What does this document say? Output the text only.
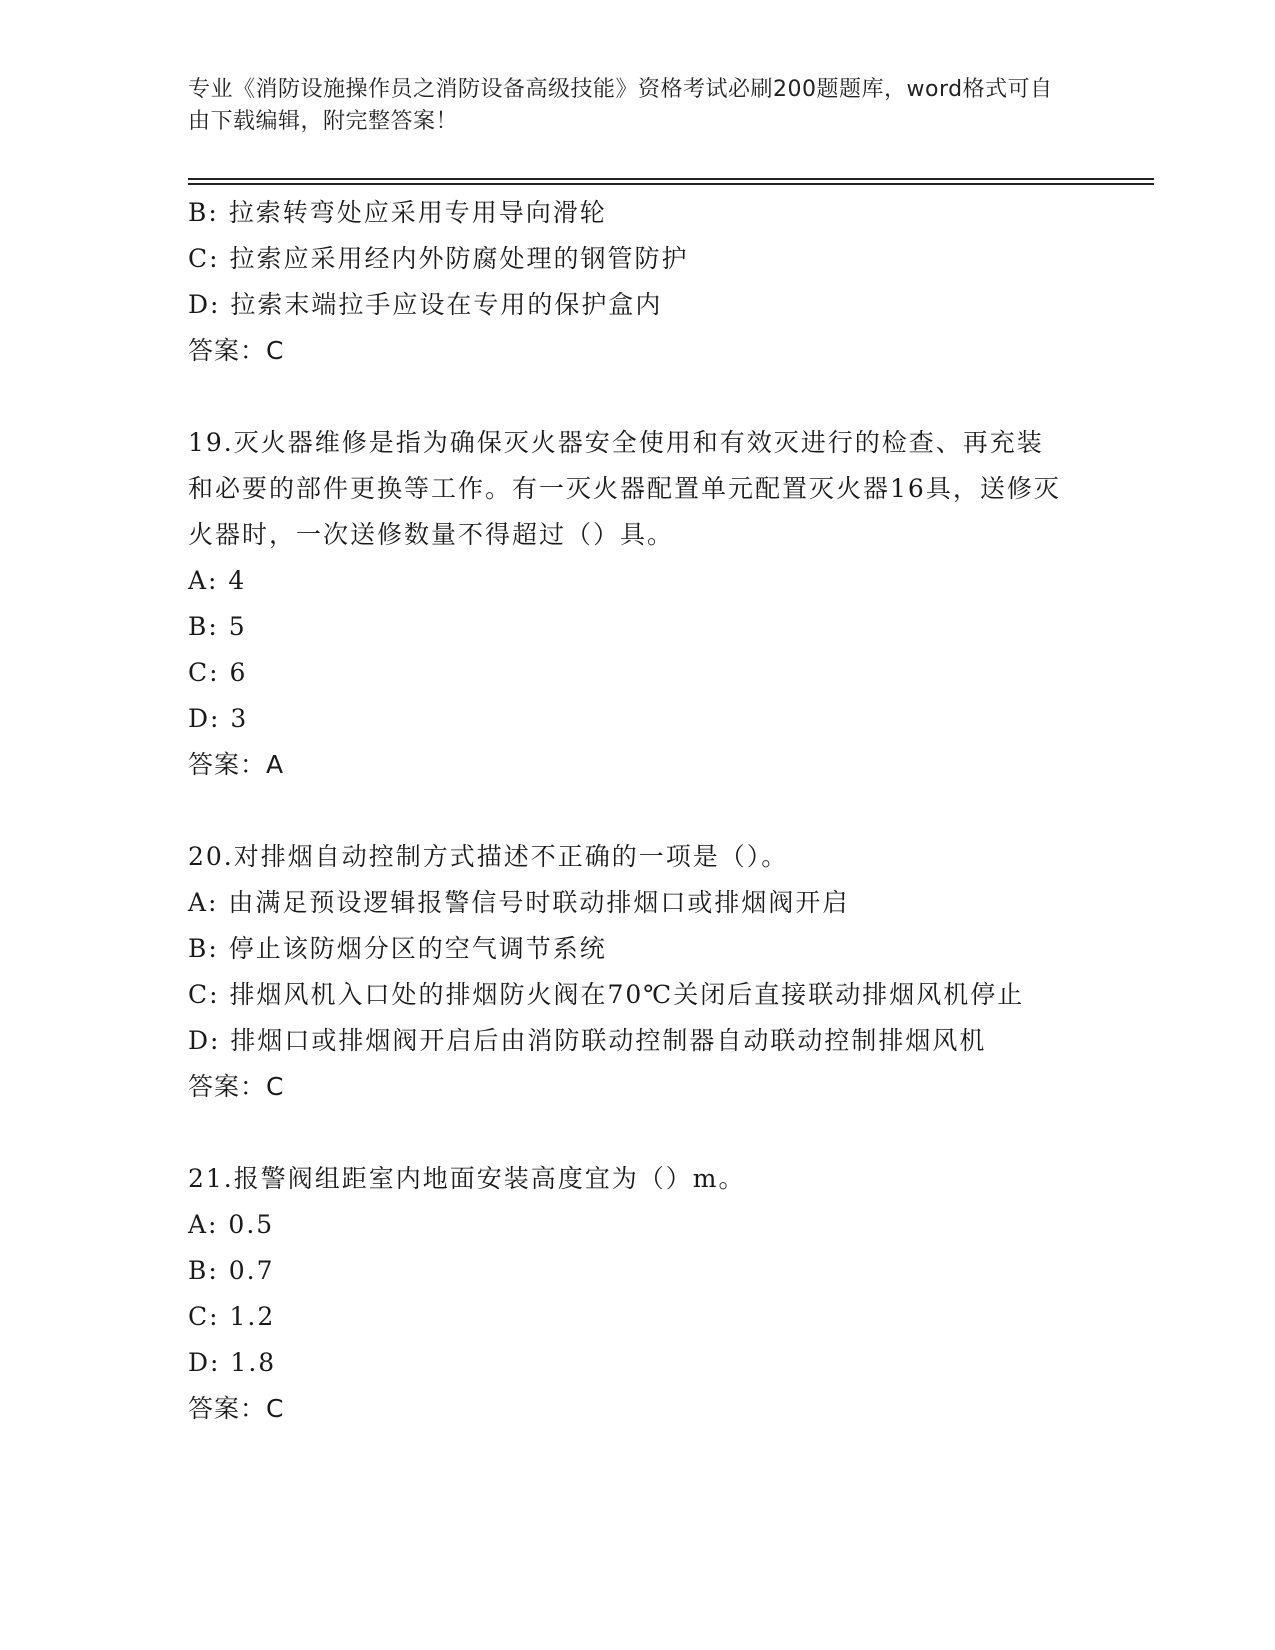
专业《消防设施操作员之消防设备高级技能》资格考试必刷200题题库，word格式可自由下载编辑，附完整答案！
B: 拉索转弯处应采用专用导向滑轮
C: 拉索应采用经内外防腐处理的钢管防护
D: 拉索末端拉手应设在专用的保护盒内
答案：C
19.灭火器维修是指为确保灭火器安全使用和有效灭进行的检查、再充装和必要的部件更换等工作。有一灭火器配置单元配置灭火器16具，送修灭火器时，一次送修数量不得超过（）具。
A: 4
B: 5
C: 6
D: 3
答案：A
20.对排烟自动控制方式描述不正确的一项是（）。
A: 由满足预设逻辑报警信号时联动排烟口或排烟阀开启
B: 停止该防烟分区的空气调节系统
C: 排烟风机入口处的排烟防火阀在70℃关闭后直接联动排烟风机停止
D: 排烟口或排烟阀开启后由消防联动控制器自动联动控制排烟风机
答案：C
21.报警阀组距室内地面安装高度宜为（）m。
A: 0.5
B: 0.7
C: 1.2
D: 1.8
答案：C
